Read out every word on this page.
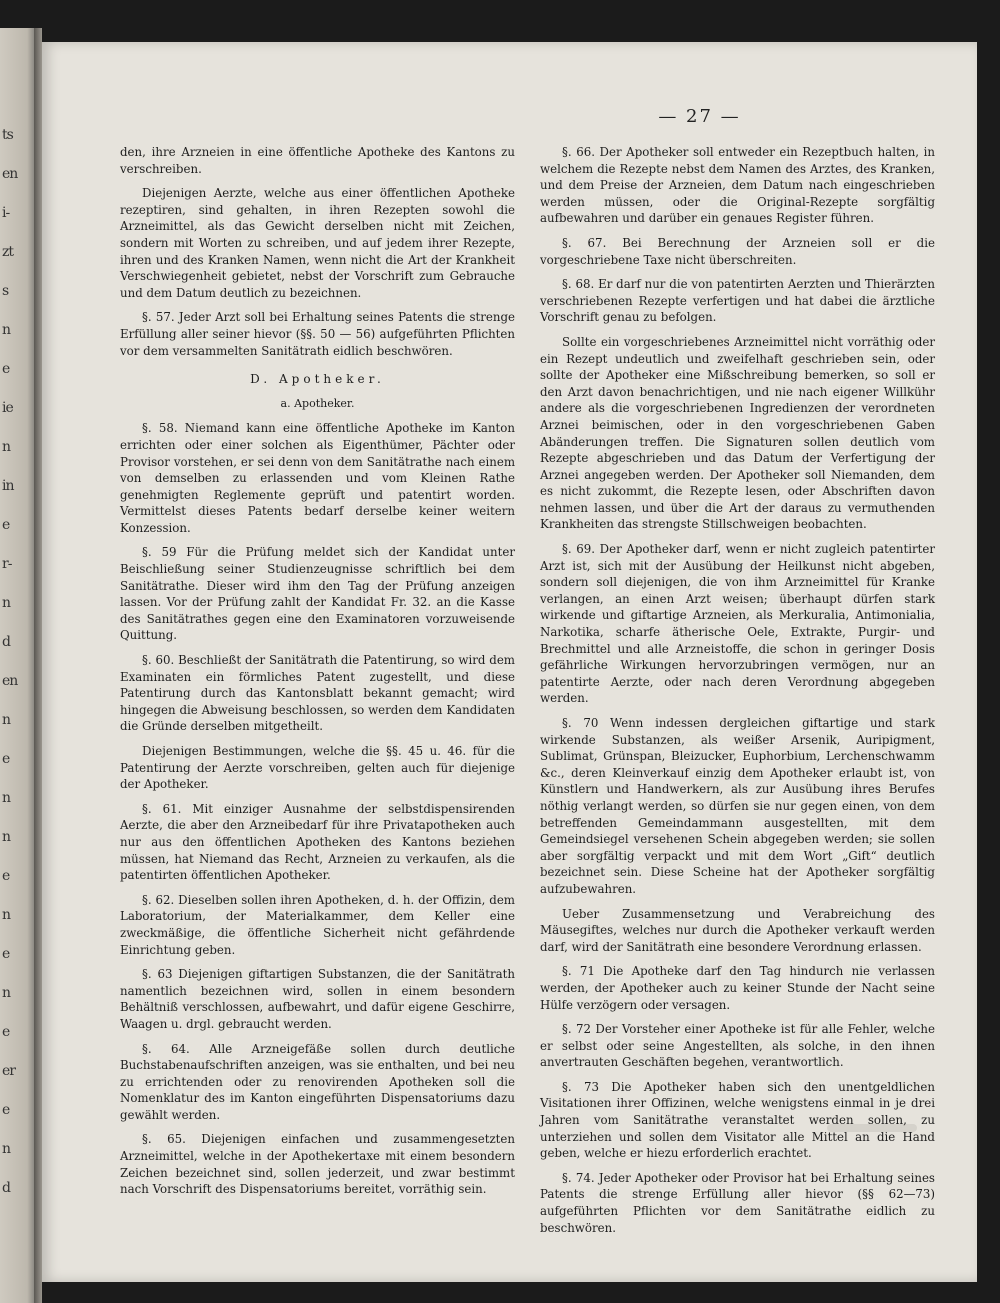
ts
en
i-
zt
s
n
e
ie
n
in
e
r-
n
d
en
n
e
n
n
e
n
e
n
e
er
e
n
d
— 27 —

den, ihre Arzneien in eine öffentliche Apotheke des Kantons zu verschreiben.

Diejenigen Aerzte, welche aus einer öffentlichen Apotheke rezeptiren, sind gehalten, in ihren Rezepten sowohl die Arzneimittel, als das Gewicht derselben nicht mit Zeichen, sondern mit Worten zu schreiben, und auf jedem ihrer Rezepte, ihren und des Kranken Namen, wenn nicht die Art der Krankheit Verschwiegenheit gebietet, nebst der Vorschrift zum Gebrauche und dem Datum deutlich zu bezeichnen.

§. 57. Jeder Arzt soll bei Erhaltung seines Patents die strenge Erfüllung aller seiner hievor (§§. 50 — 56) aufgeführten Pflichten vor dem versammelten Sanitätrath eidlich beschwören.

D. Apotheker.
a. Apotheker.

§. 58. Niemand kann eine öffentliche Apotheke im Kanton errichten oder einer solchen als Eigenthümer, Pächter oder Provisor vorstehen, er sei denn von dem Sanitätrathe nach einem von demselben zu erlassenden und vom Kleinen Rathe genehmigten Reglemente geprüft und patentirt worden. Vermittelst dieses Patents bedarf derselbe keiner weitern Konzession.

§. 59 Für die Prüfung meldet sich der Kandidat unter Beischließung seiner Studienzeugnisse schriftlich bei dem Sanitätrathe. Dieser wird ihm den Tag der Prüfung anzeigen lassen. Vor der Prüfung zahlt der Kandidat Fr. 32. an die Kasse des Sanitätrathes gegen eine den Examinatoren vorzuweisende Quittung.

§. 60. Beschließt der Sanitätrath die Patentirung, so wird dem Examinaten ein förmliches Patent zugestellt, und diese Patentirung durch das Kantonsblatt bekannt gemacht; wird hingegen die Abweisung beschlossen, so werden dem Kandidaten die Gründe derselben mitgetheilt.

Diejenigen Bestimmungen, welche die §§. 45 u. 46. für die Patentirung der Aerzte vorschreiben, gelten auch für diejenige der Apotheker.

§. 61. Mit einziger Ausnahme der selbstdispensirenden Aerzte, die aber den Arzneibedarf für ihre Privatapotheken auch nur aus den öffentlichen Apotheken des Kantons beziehen müssen, hat Niemand das Recht, Arzneien zu verkaufen, als die patentirten öffentlichen Apotheker.

§. 62. Dieselben sollen ihren Apotheken, d. h. der Offizin, dem Laboratorium, der Materialkammer, dem Keller eine zweckmäßige, die öffentliche Sicherheit nicht gefährdende Einrichtung geben.

§. 63 Diejenigen giftartigen Substanzen, die der Sanitätrath namentlich bezeichnen wird, sollen in einem besondern Behältniß verschlossen, aufbewahrt, und dafür eigene Geschirre, Waagen u. drgl. gebraucht werden.

§. 64. Alle Arzneigefäße sollen durch deutliche Buchstabenaufschriften anzeigen, was sie enthalten, und bei neu zu errichtenden oder zu renovirenden Apotheken soll die Nomenklatur des im Kanton eingeführten Dispensatoriums dazu gewählt werden.

§. 65. Diejenigen einfachen und zusammengesetzten Arzneimittel, welche in der Apothekertaxe mit einem besondern Zeichen bezeichnet sind, sollen jederzeit, und zwar bestimmt nach Vorschrift des Dispensatoriums bereitet, vorräthig sein.

§. 66. Der Apotheker soll entweder ein Rezeptbuch halten, in welchem die Rezepte nebst dem Namen des Arztes, des Kranken, und dem Preise der Arzneien, dem Datum nach eingeschrieben werden müssen, oder die Original-Rezepte sorgfältig aufbewahren und darüber ein genaues Register führen.

§. 67. Bei Berechnung der Arzneien soll er die vorgeschriebene Taxe nicht überschreiten.

§. 68. Er darf nur die von patentirten Aerzten und Thierärzten verschriebenen Rezepte verfertigen und hat dabei die ärztliche Vorschrift genau zu befolgen.

Sollte ein vorgeschriebenes Arzneimittel nicht vorräthig oder ein Rezept undeutlich und zweifelhaft geschrieben sein, oder sollte der Apotheker eine Mißschreibung bemerken, so soll er den Arzt davon benachrichtigen, und nie nach eigener Willkühr andere als die vorgeschriebenen Ingredienzen der verordneten Arznei beimischen, oder in den vorgeschriebenen Gaben Abänderungen treffen. Die Signaturen sollen deutlich vom Rezepte abgeschrieben und das Datum der Verfertigung der Arznei angegeben werden. Der Apotheker soll Niemanden, dem es nicht zukommt, die Rezepte lesen, oder Abschriften davon nehmen lassen, und über die Art der daraus zu vermuthenden Krankheiten das strengste Stillschweigen beobachten.

§. 69. Der Apotheker darf, wenn er nicht zugleich patentirter Arzt ist, sich mit der Ausübung der Heilkunst nicht abgeben, sondern soll diejenigen, die von ihm Arzneimittel für Kranke verlangen, an einen Arzt weisen; überhaupt dürfen stark wirkende und giftartige Arzneien, als Merkuralia, Antimonialia, Narkotika, scharfe ätherische Oele, Extrakte, Purgir- und Brechmittel und alle Arzneistoffe, die schon in geringer Dosis gefährliche Wirkungen hervorzubringen vermögen, nur an patentirte Aerzte, oder nach deren Verordnung abgegeben werden.

§. 70 Wenn indessen dergleichen giftartige und stark wirkende Substanzen, als weißer Arsenik, Auripigment, Sublimat, Grünspan, Bleizucker, Euphorbium, Lerchenschwamm &c., deren Kleinverkauf einzig dem Apotheker erlaubt ist, von Künstlern und Handwerkern, als zur Ausübung ihres Berufes nöthig verlangt werden, so dürfen sie nur gegen einen, von dem betreffenden Gemeindammann ausgestellten, mit dem Gemeindsiegel versehenen Schein abgegeben werden; sie sollen aber sorgfältig verpackt und mit dem Wort „Gift“ deutlich bezeichnet sein. Diese Scheine hat der Apotheker sorgfältig aufzubewahren.

Ueber Zusammensetzung und Verabreichung des Mäusegiftes, welches nur durch die Apotheker verkauft werden darf, wird der Sanitätrath eine besondere Verordnung erlassen.

§. 71 Die Apotheke darf den Tag hindurch nie verlassen werden, der Apotheker auch zu keiner Stunde der Nacht seine Hülfe verzögern oder versagen.

§. 72 Der Vorsteher einer Apotheke ist für alle Fehler, welche er selbst oder seine Angestellten, als solche, in den ihnen anvertrauten Geschäften begehen, verantwortlich.

§. 73 Die Apotheker haben sich den unentgeldlichen Visitationen ihrer Offizinen, welche wenigstens einmal in je drei Jahren vom Sanitätrathe veranstaltet werden sollen, zu unterziehen und sollen dem Visitator alle Mittel an die Hand geben, welche er hiezu erforderlich erachtet.

§. 74. Jeder Apotheker oder Provisor hat bei Erhaltung seines Patents die strenge Erfüllung aller hievor (§§ 62—73) aufgeführten Pflichten vor dem Sanitätrathe eidlich zu beschwören.
